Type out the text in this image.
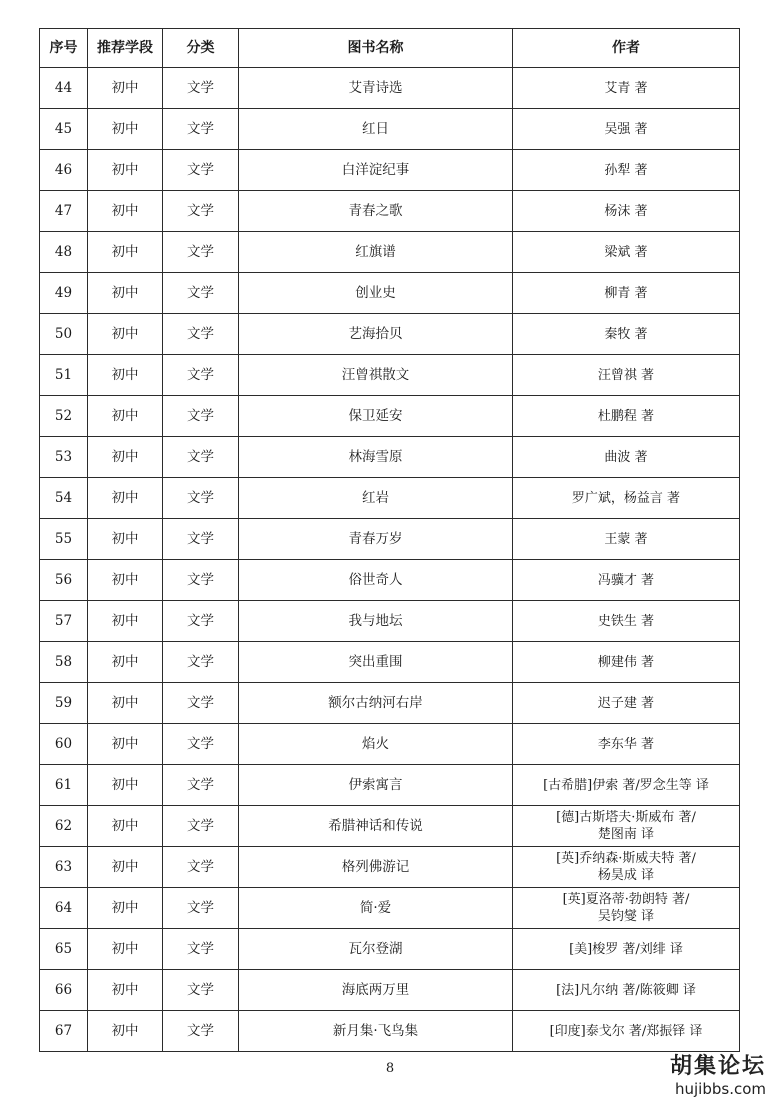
序号	推荐学段	分类	图书名称	作者
44	初中	文学	艾青诗选	艾青 著

45	初中	文学	红日	吴强 著

46	初中	文学	白洋淀纪事	孙犁 著

47	初中	文学	青春之歌	杨沫 著

48	初中	文学	红旗谱	梁斌 著

49	初中	文学	创业史	柳青 著

50	初中	文学	艺海拾贝	秦牧 著

51	初中	文学	汪曾祺散文	汪曾祺 著

52	初中	文学	保卫延安	杜鹏程 著

53	初中	文学	林海雪原	曲波 著

54	初中	文学	红岩	罗广斌，杨益言 著

55	初中	文学	青春万岁	王蒙 著

56	初中	文学	俗世奇人	冯骥才 著

57	初中	文学	我与地坛	史铁生 著

58	初中	文学	突出重围	柳建伟 著

59	初中	文学	额尔古纳河右岸	迟子建 著

60	初中	文学	焰火	李东华 著

61	初中	文学	伊索寓言	[古希腊]伊索 著/罗念生等 译

62	初中	文学	希腊神话和传说	[德]古斯塔夫·斯威布 著/
楚图南 译

63	初中	文学	格列佛游记	[英]乔纳森·斯威夫特 著/
杨昊成 译

64	初中	文学	简·爱	[英]夏洛蒂·勃朗特 著/
吴钧燮 译

65	初中	文学	瓦尔登湖	[美]梭罗 著/刘绯 译

66	初中	文学	海底两万里	[法]凡尔纳 著/陈筱卿 译

67	初中	文学	新月集·飞鸟集	[印度]泰戈尔 著/郑振铎 译
8	胡集论坛
hujibbs.com
